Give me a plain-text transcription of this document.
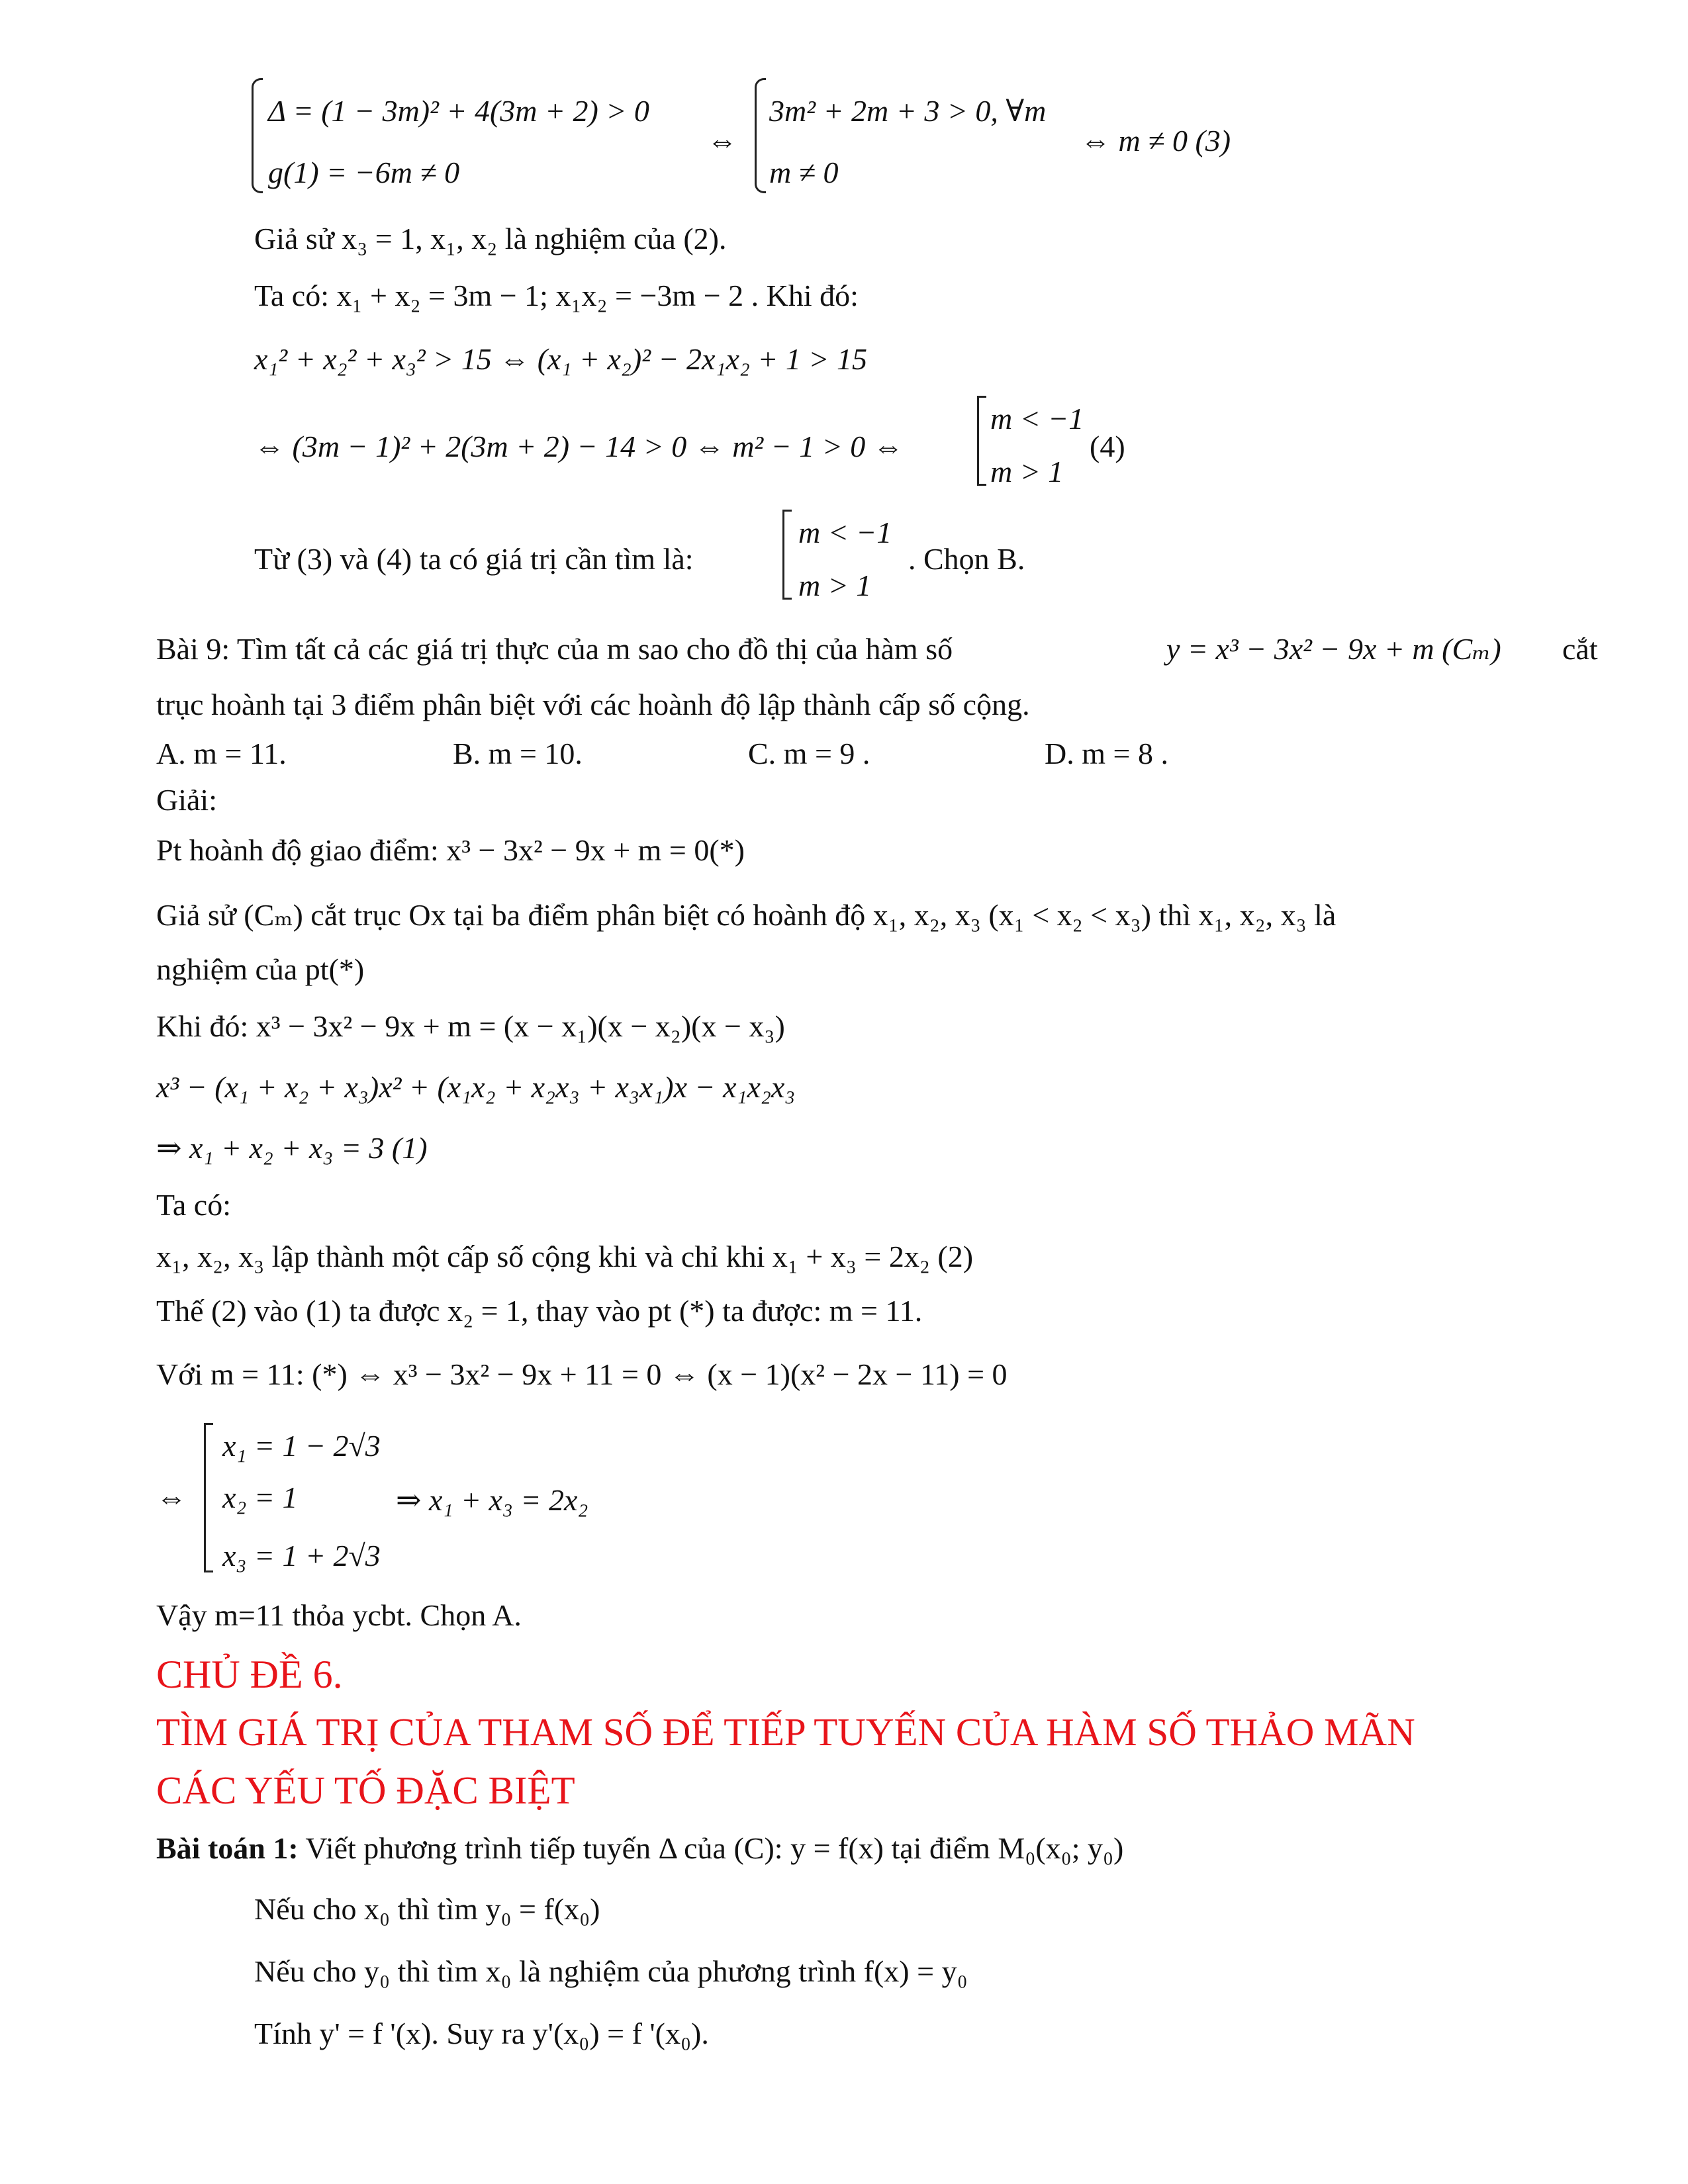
Δ = (1 − 3m)² + 4(3m + 2) > 0
g(1) = −6m ≠ 0
⇔
3m² + 2m + 3 > 0, ∀m
m ≠ 0
⇔ m ≠ 0 (3)
Giả sử x₃ = 1, x₁, x₂ là nghiệm của (2).
Ta có: x₁ + x₂ = 3m − 1; x₁x₂ = −3m − 2 . Khi đó:
x₁² + x₂² + x₃² > 15 ⇔ (x₁ + x₂)² − 2x₁x₂ + 1 > 15
⇔ (3m − 1)² + 2(3m + 2) − 14 > 0 ⇔ m² − 1 > 0 ⇔
m < −1
m > 1
(4)
Từ (3) và (4) ta có giá trị cần tìm là:
m < −1
m > 1
. Chọn B.
Bài 9: Tìm tất cả các giá trị thực của m sao cho đồ thị của hàm số	y = x³ − 3x² − 9x + m (Cₘ) cắt
trục hoành tại 3 điểm phân biệt với các hoành độ lập thành cấp số cộng.
A. m = 11.	B. m = 10.	C. m = 9 .	D. m = 8 .
Giải:
Pt hoành độ giao điểm: x³ − 3x² − 9x + m = 0(*)
Giả sử (Cₘ) cắt trục Ox tại ba điểm phân biệt có hoành độ x₁, x₂, x₃ (x₁ < x₂ < x₃) thì x₁, x₂, x₃ là
nghiệm của pt(*)
Khi đó: x³ − 3x² − 9x + m = (x − x₁)(x − x₂)(x − x₃)
x³ − (x₁ + x₂ + x₃)x² + (x₁x₂ + x₂x₃ + x₃x₁)x − x₁x₂x₃
⇒ x₁ + x₂ + x₃ = 3 (1)
Ta có:
x₁, x₂, x₃ lập thành một cấp số cộng khi và chỉ khi x₁ + x₃ = 2x₂ (2)
Thế (2) vào (1) ta được x₂ = 1, thay vào pt (*) ta được: m = 11.
Với m = 11: (*) ⇔ x³ − 3x² − 9x + 11 = 0 ⇔ (x − 1)(x² − 2x − 11) = 0
⇔
x₁ = 1 − 2√3
x₂ = 1
x₃ = 1 + 2√3
⇒ x₁ + x₃ = 2x₂
Vậy m=11 thỏa ycbt. Chọn A.
CHỦ ĐỀ 6.
TÌM GIÁ TRỊ CỦA THAM SỐ ĐỂ TIẾP TUYẾN CỦA HÀM SỐ THẢO MÃN
CÁC YẾU TỐ ĐẶC BIỆT
Bài toán 1: Viết phương trình tiếp tuyến Δ của (C): y = f(x) tại điểm M₀(x₀; y₀)
Nếu cho x₀ thì tìm y₀ = f(x₀)
Nếu cho y₀ thì tìm x₀ là nghiệm của phương trình f(x) = y₀
Tính y' = f '(x). Suy ra y'(x₀) = f '(x₀).
